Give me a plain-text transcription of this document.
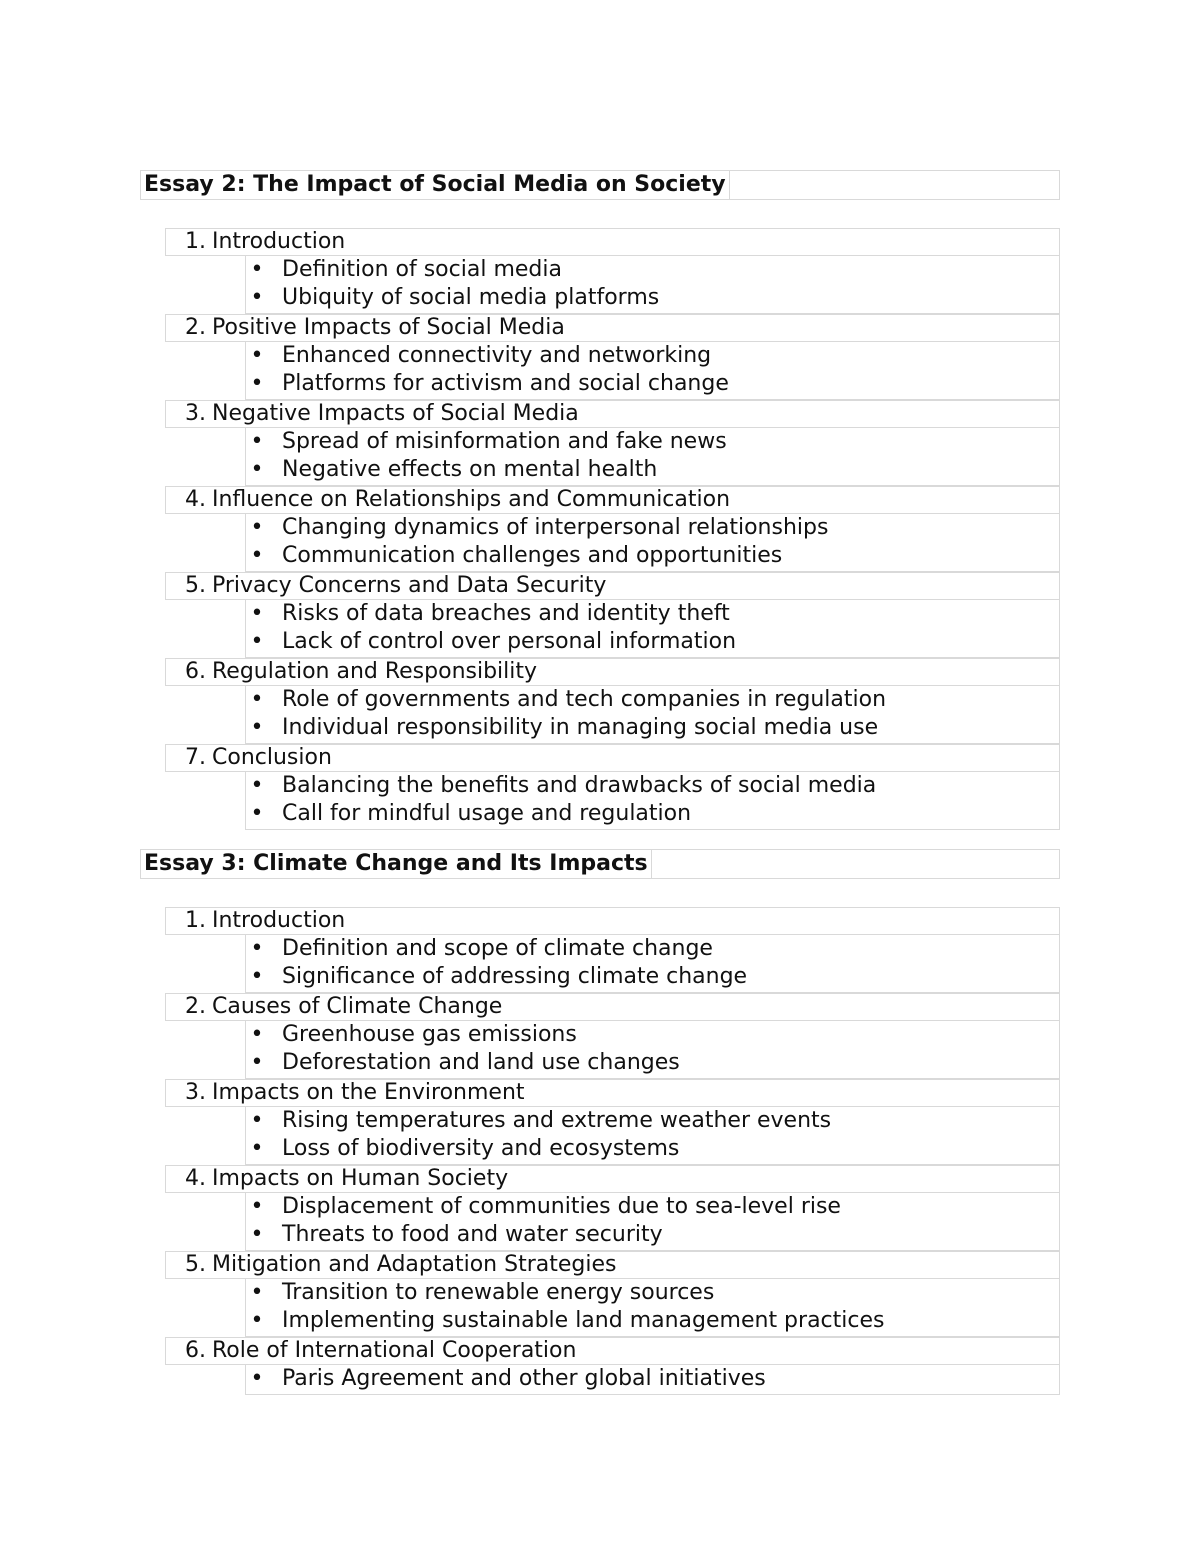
Essay 2: The Impact of Social Media on Society
1. Introduction
• Definition of social media
• Ubiquity of social media platforms
2. Positive Impacts of Social Media
• Enhanced connectivity and networking
• Platforms for activism and social change
3. Negative Impacts of Social Media
• Spread of misinformation and fake news
• Negative effects on mental health
4. Influence on Relationships and Communication
• Changing dynamics of interpersonal relationships
• Communication challenges and opportunities
5. Privacy Concerns and Data Security
• Risks of data breaches and identity theft
• Lack of control over personal information
6. Regulation and Responsibility
• Role of governments and tech companies in regulation
• Individual responsibility in managing social media use
7. Conclusion
• Balancing the benefits and drawbacks of social media
• Call for mindful usage and regulation
Essay 3: Climate Change and Its Impacts
1. Introduction
• Definition and scope of climate change
• Significance of addressing climate change
2. Causes of Climate Change
• Greenhouse gas emissions
• Deforestation and land use changes
3. Impacts on the Environment
• Rising temperatures and extreme weather events
• Loss of biodiversity and ecosystems
4. Impacts on Human Society
• Displacement of communities due to sea-level rise
• Threats to food and water security
5. Mitigation and Adaptation Strategies
• Transition to renewable energy sources
• Implementing sustainable land management practices
6. Role of International Cooperation
• Paris Agreement and other global initiatives
